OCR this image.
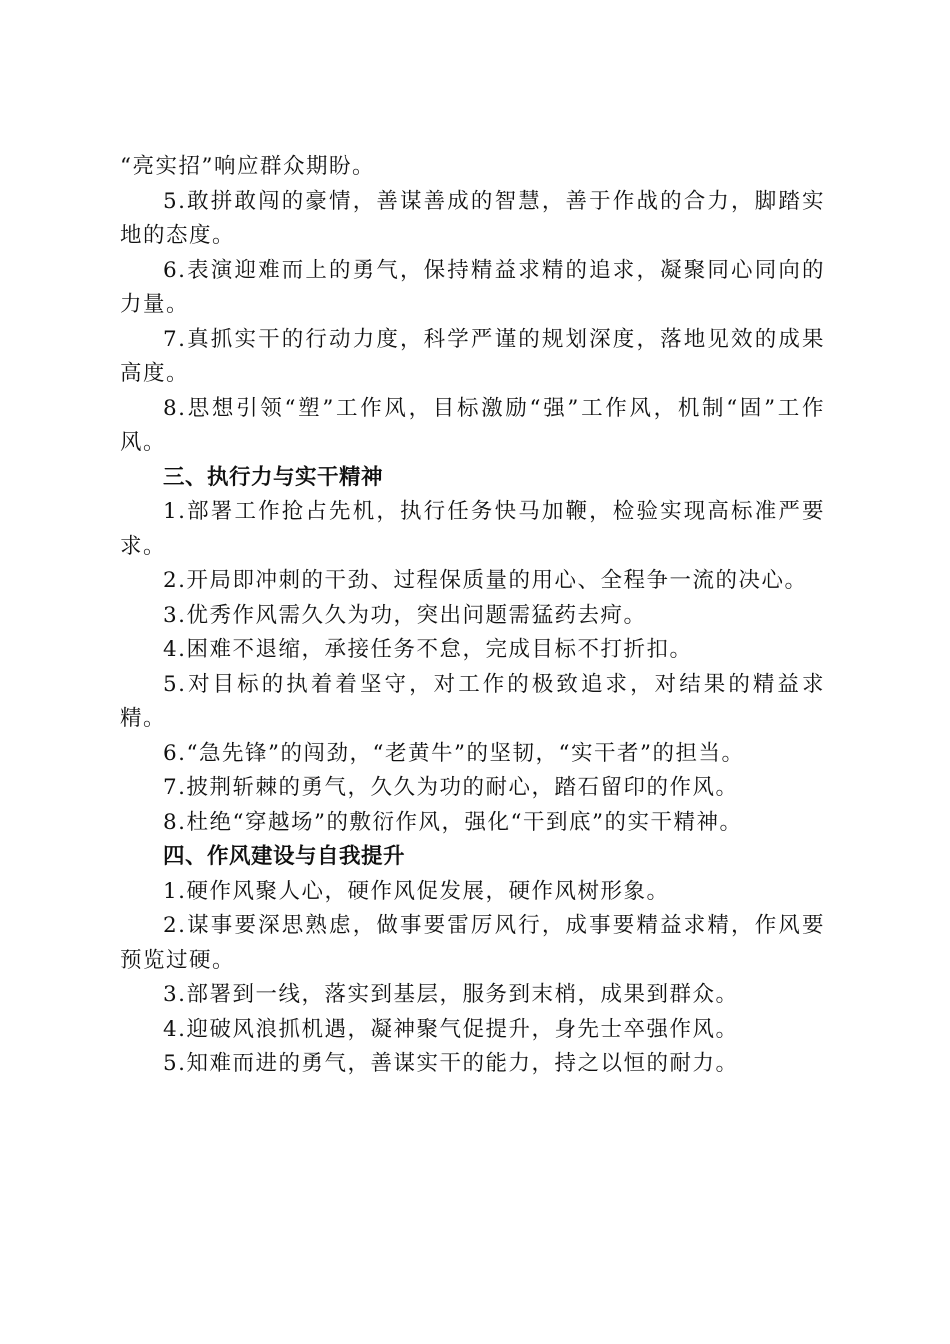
“亮实招”响应群众期盼。

5.敢拼敢闯的豪情，善谋善成的智慧，善于作战的合力，脚踏实地的态度。

6.表演迎难而上的勇气，保持精益求精的追求，凝聚同心同向的力量。

7.真抓实干的行动力度，科学严谨的规划深度，落地见效的成果高度。

8.思想引领“塑”工作风，目标激励“强”工作风，机制“固”工作风。

三、执行力与实干精神

1.部署工作抢占先机，执行任务快马加鞭，检验实现高标准严要求。

2.开局即冲刺的干劲、过程保质量的用心、全程争一流的决心。

3.优秀作风需久久为功，突出问题需猛药去疴。

4.困难不退缩，承接任务不怠，完成目标不打折扣。

5.对目标的执着着坚守，对工作的极致追求，对结果的精益求精。

6.“急先锋”的闯劲，“老黄牛”的坚韧，“实干者”的担当。

7.披荆斩棘的勇气，久久为功的耐心，踏石留印的作风。

8.杜绝“穿越场”的敷衍作风，强化“干到底”的实干精神。

四、作风建设与自我提升

1.硬作风聚人心，硬作风促发展，硬作风树形象。

2.谋事要深思熟虑，做事要雷厉风行，成事要精益求精，作风要预览过硬。

3.部署到一线，落实到基层，服务到末梢，成果到群众。

4.迎破风浪抓机遇，凝神聚气促提升，身先士卒强作风。

5.知难而进的勇气，善谋实干的能力，持之以恒的耐力。
